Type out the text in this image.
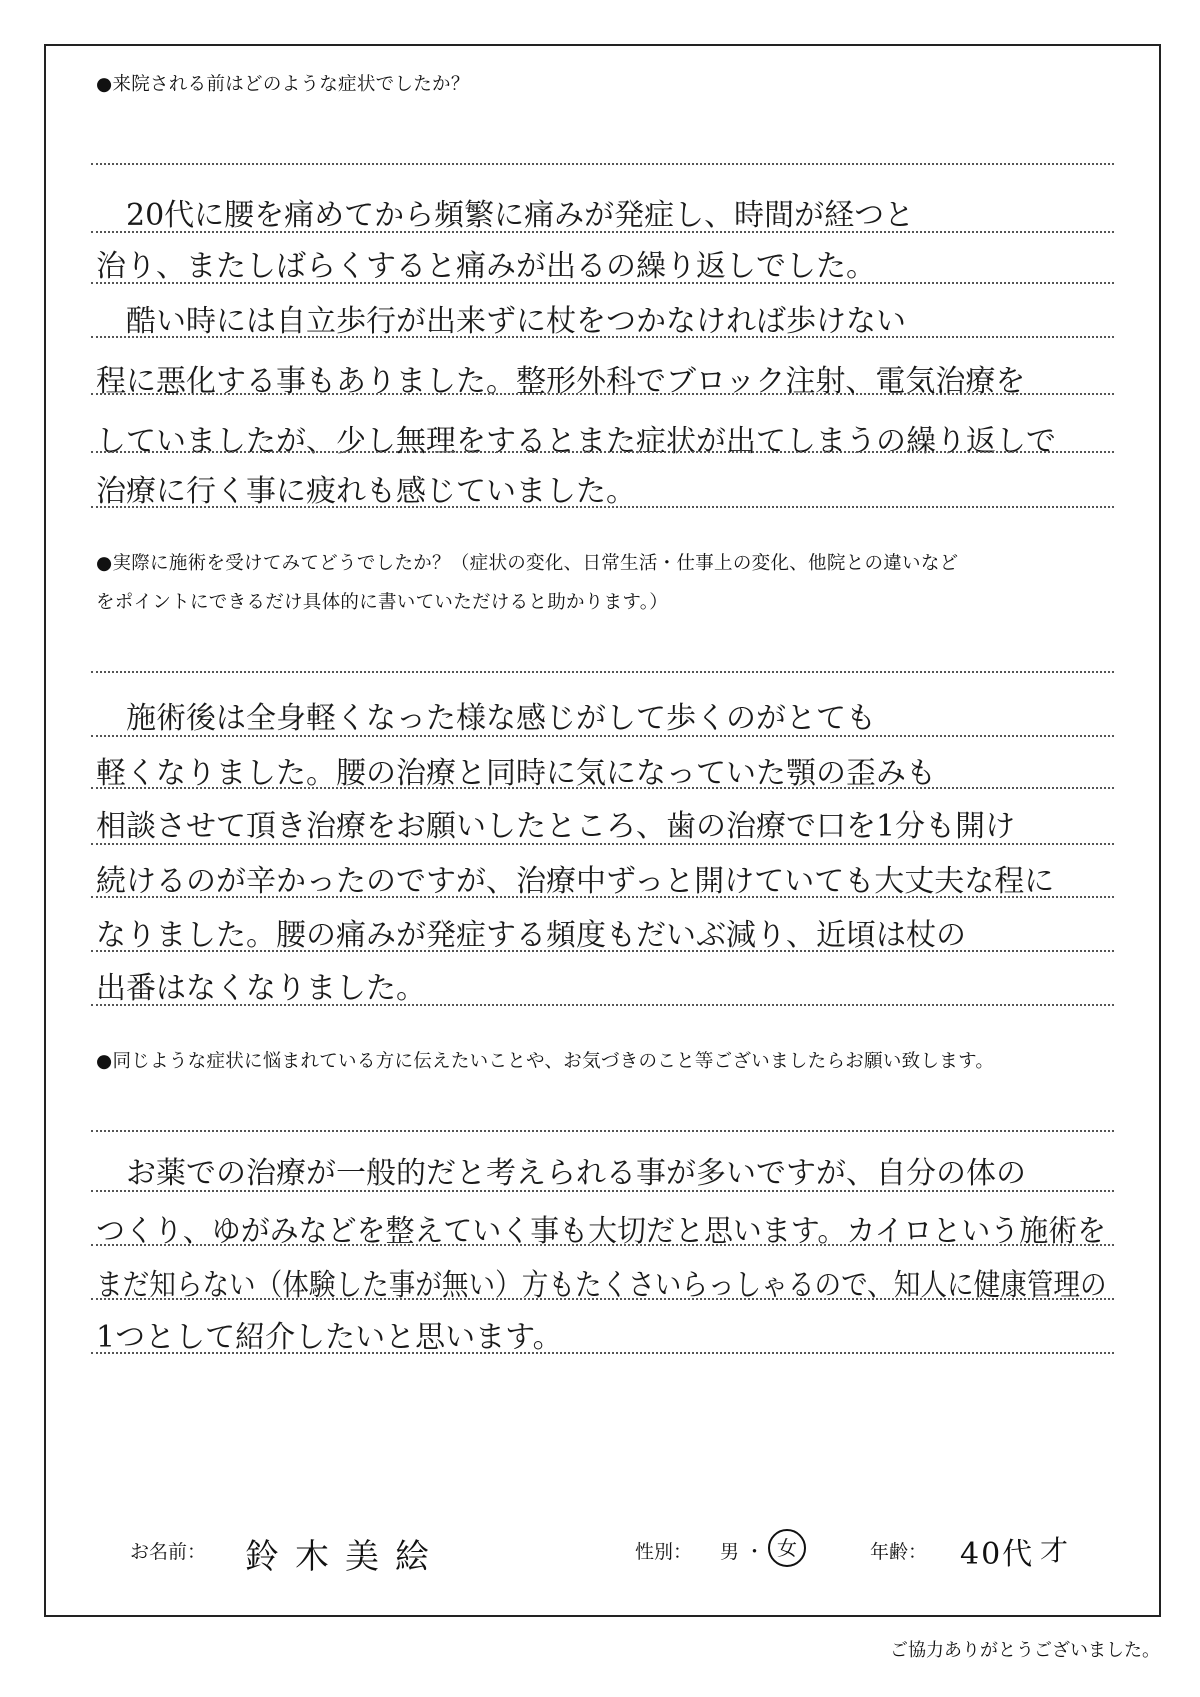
●来院される前はどのような症状でしたか？
　20代に腰を痛めてから頻繁に痛みが発症し、時間が経つと
治り、またしばらくすると痛みが出るの繰り返しでした。
　酷い時には自立歩行が出来ずに杖をつかなければ歩けない
程に悪化する事もありました。整形外科でブロック注射、電気治療を
していましたが、少し無理をするとまた症状が出てしまうの繰り返しで
治療に行く事に疲れも感じていました。
●実際に施術を受けてみてどうでしたか？（症状の変化、日常生活・仕事上の変化、他院との違いなど
をポイントにできるだけ具体的に書いていただけると助かります。）
　施術後は全身軽くなった様な感じがして歩くのがとても
軽くなりました。腰の治療と同時に気になっていた顎の歪みも
相談させて頂き治療をお願いしたところ、歯の治療で口を1分も開け
続けるのが辛かったのですが、治療中ずっと開けていても大丈夫な程に
なりました。腰の痛みが発症する頻度もだいぶ減り、近頃は杖の
出番はなくなりました。
●同じような症状に悩まれている方に伝えたいことや、お気づきのこと等ございましたらお願い致します。
　お薬での治療が一般的だと考えられる事が多いですが、自分の体の
つくり、ゆがみなどを整えていく事も大切だと思います。カイロという施術を
まだ知らない（体験した事が無い）方もたくさいらっしゃるので、知人に健康管理の
1つとして紹介したいと思います。
お名前： 鈴木美絵	性別： 男 ・ 女	年齢： 40代 才
ご協力ありがとうございました。
